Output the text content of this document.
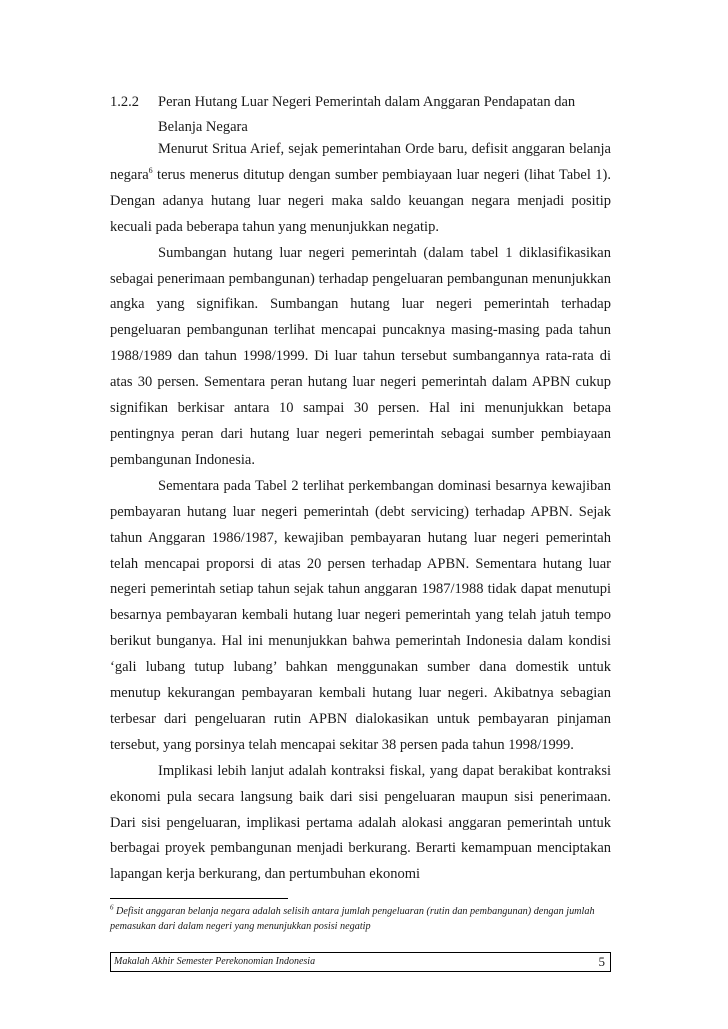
1.2.2 Peran Hutang Luar Negeri Pemerintah dalam Anggaran Pendapatan dan Belanja Negara

Menurut Sritua Arief, sejak pemerintahan Orde baru, defisit anggaran belanja negara$^6$ terus menerus ditutup dengan sumber pembiayaan luar negeri (lihat Tabel 1). Dengan adanya hutang luar negeri maka saldo keuangan negara menjadi positip kecuali pada beberapa tahun yang menunjukkan negatip.

Sumbangan hutang luar negeri pemerintah (dalam tabel 1 diklasifikasikan sebagai penerimaan pembangunan) terhadap pengeluaran pembangunan menunjukkan angka yang signifikan. Sumbangan hutang luar negeri pemerintah terhadap pengeluaran pembangunan terlihat mencapai puncaknya masing-masing pada tahun 1988/1989 dan tahun 1998/1999. Di luar tahun tersebut sumbangannya rata-rata di atas 30 persen. Sementara peran hutang luar negeri pemerintah dalam APBN cukup signifikan berkisar antara 10 sampai 30 persen. Hal ini menunjukkan betapa pentingnya peran dari hutang luar negeri pemerintah sebagai sumber pembiayaan pembangunan Indonesia.

Sementara pada Tabel 2 terlihat perkembangan dominasi besarnya kewajiban pembayaran hutang luar negeri pemerintah (debt servicing) terhadap APBN. Sejak tahun Anggaran 1986/1987, kewajiban pembayaran hutang luar negeri pemerintah telah mencapai proporsi di atas 20 persen terhadap APBN. Sementara hutang luar negeri pemerintah setiap tahun sejak tahun anggaran 1987/1988 tidak dapat menutupi besarnya pembayaran kembali hutang luar negeri pemerintah yang telah jatuh tempo berikut bunganya. Hal ini menunjukkan bahwa pemerintah Indonesia dalam kondisi ‘gali lubang tutup lubang’ bahkan menggunakan sumber dana domestik untuk menutup kekurangan pembayaran kembali hutang luar negeri. Akibatnya sebagian terbesar dari pengeluaran rutin APBN dialokasikan untuk pembayaran pinjaman tersebut, yang porsinya telah mencapai sekitar 38 persen pada tahun 1998/1999.

Implikasi lebih lanjut adalah kontraksi fiskal, yang dapat berakibat kontraksi ekonomi pula secara langsung baik dari sisi pengeluaran maupun sisi penerimaan. Dari sisi pengeluaran, implikasi pertama adalah alokasi anggaran pemerintah untuk berbagai proyek pembangunan menjadi berkurang. Berarti kemampuan menciptakan lapangan kerja berkurang, dan pertumbuhan ekonomi

$^6$ Defisit anggaran belanja negara adalah selisih antara jumlah pengeluaran (rutin dan pembangunan) dengan jumlah pemasukan dari dalam negeri yang menunjukkan posisi negatip
Makalah Akhir Semester Perekonomian Indonesia	5
